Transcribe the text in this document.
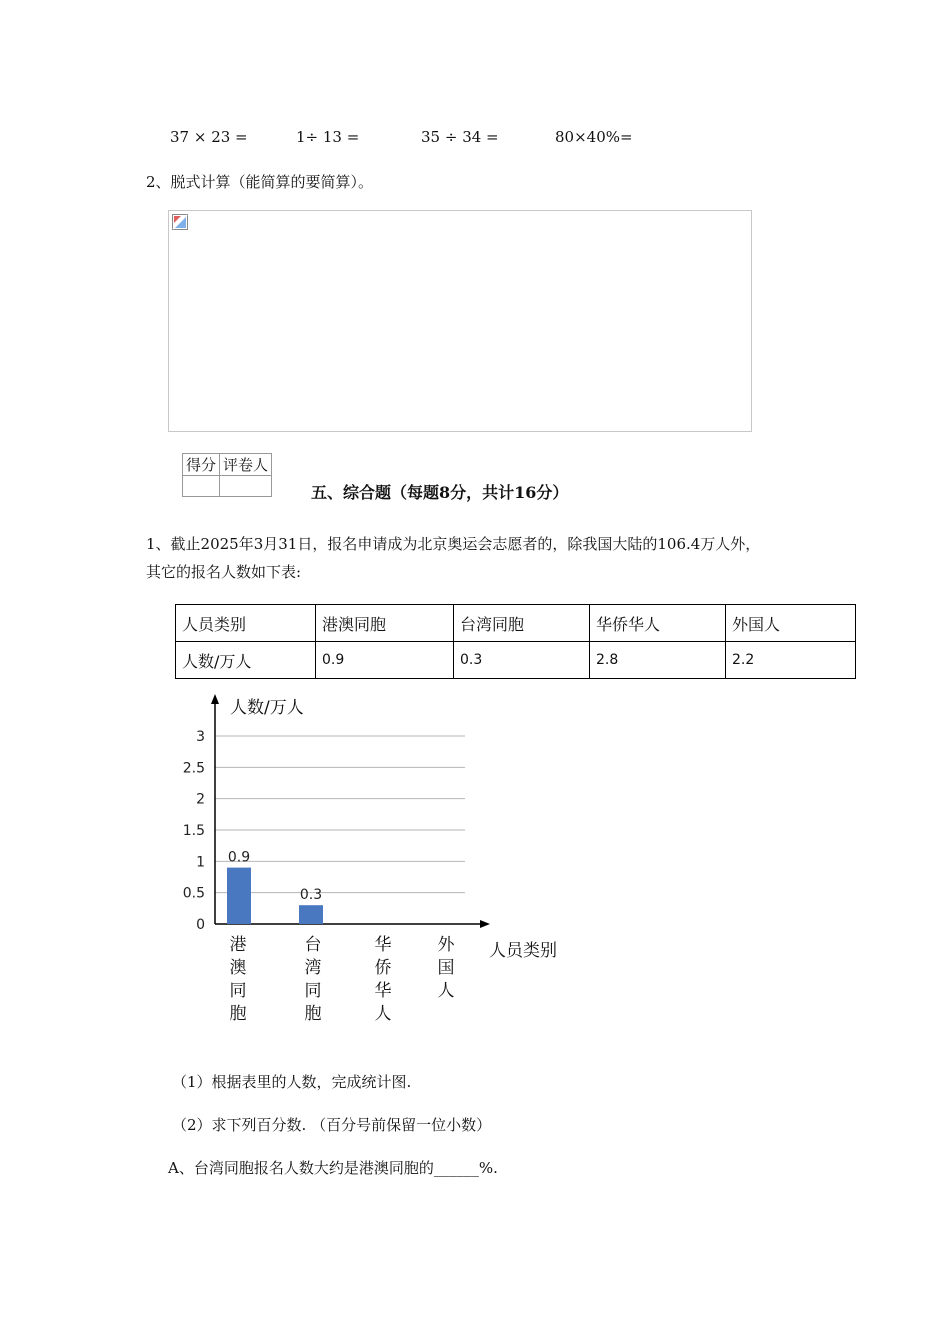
37 × 23 =	1÷ 13 =	35 ÷ 34 =	80×40%=
2、脱式计算（能简算的要简算）。
得分	评卷人

五、综合题（每题8分，共计16分）
1、截止2025年3月31日，报名申请成为北京奥运会志愿者的，除我国大陆的106.4万人外，
其它的报名人数如下表:
人员类别	港澳同胞	台湾同胞	华侨华人	外国人
人数/万人	0.9	0.3	2.8	2.2
0
0.5
1
1.5
2
2.5
3
人数/万人
人员类别
0.9
0.3
港
澳
同
胞
台
湾
同
胞
华
侨
华
人
外
国
人
（1）根据表里的人数，完成统计图.
（2）求下列百分数. （百分号前保留一位小数）
A、台湾同胞报名人数大约是港澳同胞的______%.
